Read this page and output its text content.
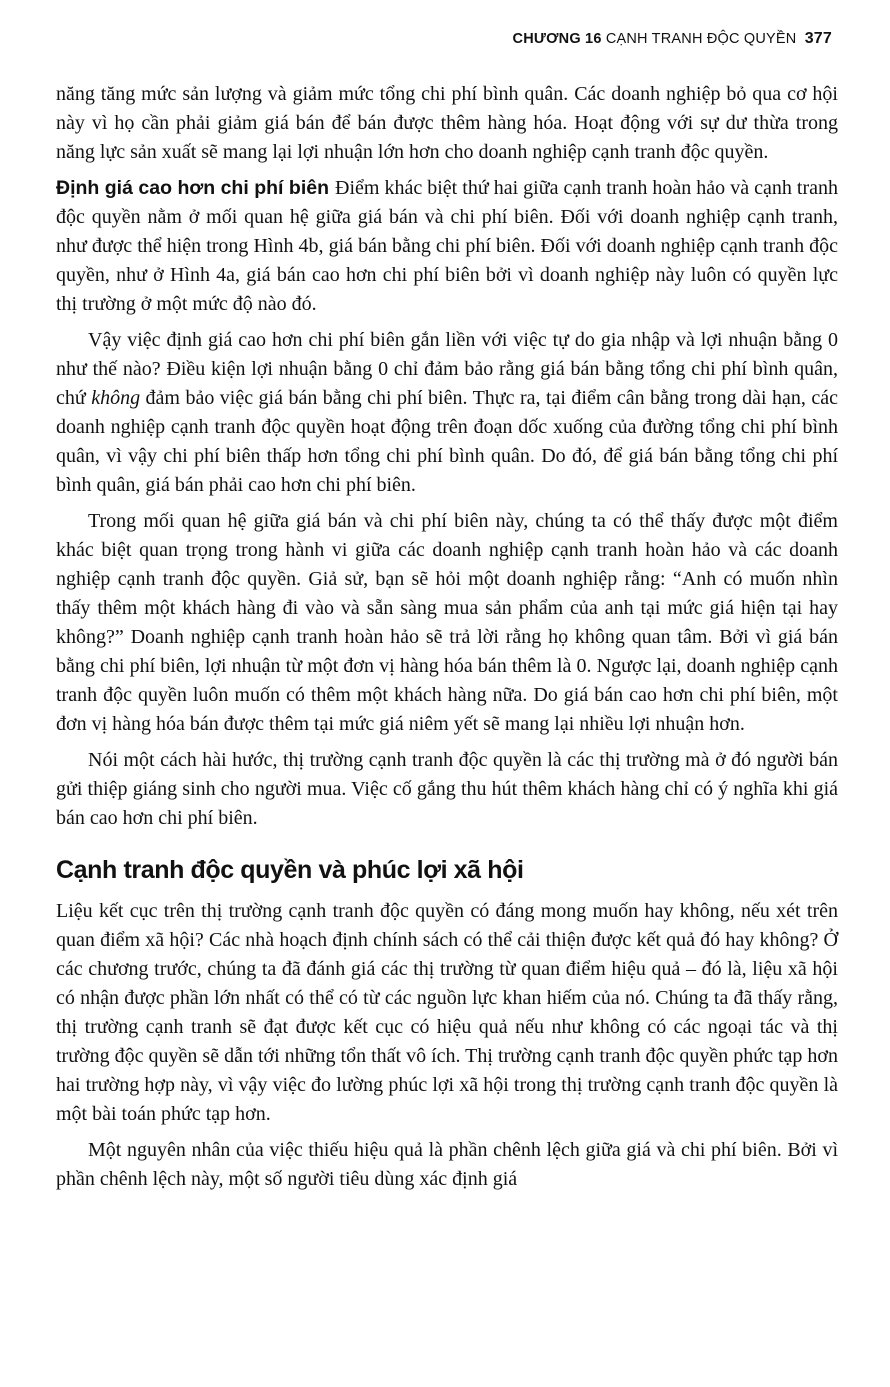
CHƯƠNG 16 CẠNH TRANH ĐỘC QUYỀN 377

năng tăng mức sản lượng và giảm mức tổng chi phí bình quân. Các doanh nghiệp bỏ qua cơ hội này vì họ cần phải giảm giá bán để bán được thêm hàng hóa. Hoạt động với sự dư thừa trong năng lực sản xuất sẽ mang lại lợi nhuận lớn hơn cho doanh nghiệp cạnh tranh độc quyền.

Định giá cao hơn chi phí biên Điểm khác biệt thứ hai giữa cạnh tranh hoàn hảo và cạnh tranh độc quyền nằm ở mối quan hệ giữa giá bán và chi phí biên. Đối với doanh nghiệp cạnh tranh, như được thể hiện trong Hình 4b, giá bán bằng chi phí biên. Đối với doanh nghiệp cạnh tranh độc quyền, như ở Hình 4a, giá bán cao hơn chi phí biên bởi vì doanh nghiệp này luôn có quyền lực thị trường ở một mức độ nào đó.

Vậy việc định giá cao hơn chi phí biên gắn liền với việc tự do gia nhập và lợi nhuận bằng 0 như thế nào? Điều kiện lợi nhuận bằng 0 chỉ đảm bảo rằng giá bán bằng tổng chi phí bình quân, chứ không đảm bảo việc giá bán bằng chi phí biên. Thực ra, tại điểm cân bằng trong dài hạn, các doanh nghiệp cạnh tranh độc quyền hoạt động trên đoạn dốc xuống của đường tổng chi phí bình quân, vì vậy chi phí biên thấp hơn tổng chi phí bình quân. Do đó, để giá bán bằng tổng chi phí bình quân, giá bán phải cao hơn chi phí biên.

Trong mối quan hệ giữa giá bán và chi phí biên này, chúng ta có thể thấy được một điểm khác biệt quan trọng trong hành vi giữa các doanh nghiệp cạnh tranh hoàn hảo và các doanh nghiệp cạnh tranh độc quyền. Giả sử, bạn sẽ hỏi một doanh nghiệp rằng: “Anh có muốn nhìn thấy thêm một khách hàng đi vào và sẵn sàng mua sản phẩm của anh tại mức giá hiện tại hay không?” Doanh nghiệp cạnh tranh hoàn hảo sẽ trả lời rằng họ không quan tâm. Bởi vì giá bán bằng chi phí biên, lợi nhuận từ một đơn vị hàng hóa bán thêm là 0. Ngược lại, doanh nghiệp cạnh tranh độc quyền luôn muốn có thêm một khách hàng nữa. Do giá bán cao hơn chi phí biên, một đơn vị hàng hóa bán được thêm tại mức giá niêm yết sẽ mang lại nhiều lợi nhuận hơn.

Nói một cách hài hước, thị trường cạnh tranh độc quyền là các thị trường mà ở đó người bán gửi thiệp giáng sinh cho người mua. Việc cố gắng thu hút thêm khách hàng chỉ có ý nghĩa khi giá bán cao hơn chi phí biên.

Cạnh tranh độc quyền và phúc lợi xã hội

Liệu kết cục trên thị trường cạnh tranh độc quyền có đáng mong muốn hay không, nếu xét trên quan điểm xã hội? Các nhà hoạch định chính sách có thể cải thiện được kết quả đó hay không? Ở các chương trước, chúng ta đã đánh giá các thị trường từ quan điểm hiệu quả – đó là, liệu xã hội có nhận được phần lớn nhất có thể có từ các nguồn lực khan hiếm của nó. Chúng ta đã thấy rằng, thị trường cạnh tranh sẽ đạt được kết cục có hiệu quả nếu như không có các ngoại tác và thị trường độc quyền sẽ dẫn tới những tổn thất vô ích. Thị trường cạnh tranh độc quyền phức tạp hơn hai trường hợp này, vì vậy việc đo lường phúc lợi xã hội trong thị trường cạnh tranh độc quyền là một bài toán phức tạp hơn.

Một nguyên nhân của việc thiếu hiệu quả là phần chênh lệch giữa giá và chi phí biên. Bởi vì phần chênh lệch này, một số người tiêu dùng xác định giá
